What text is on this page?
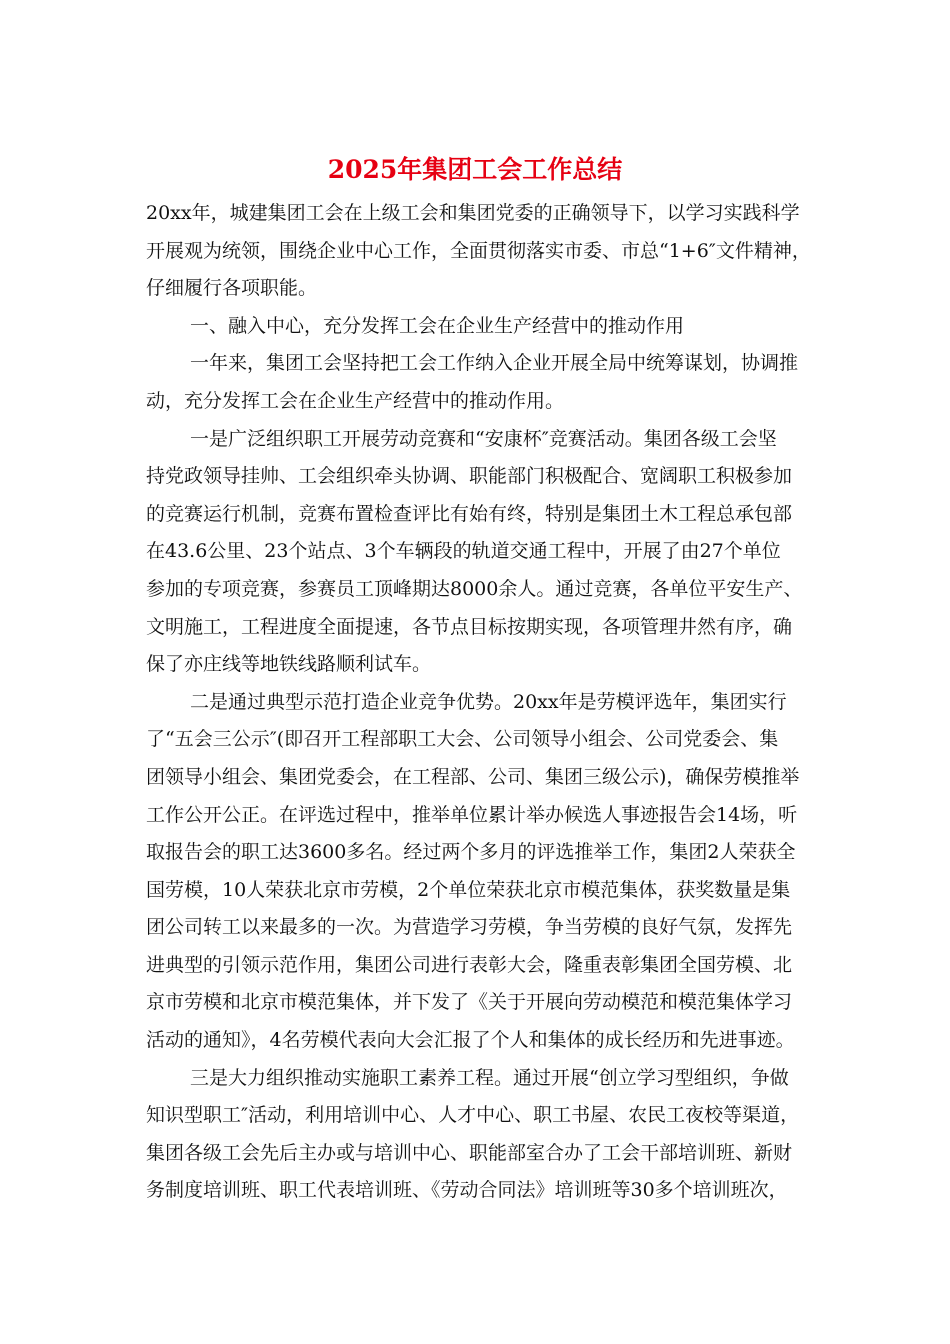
2025年集团工会工作总结
20xx年，城建集团工会在上级工会和集团党委的正确领导下，以学习实践科学
开展观为统领，围绕企业中心工作，全面贯彻落实市委、市总“1+6″文件精神，
仔细履行各项职能。
一、融入中心，充分发挥工会在企业生产经营中的推动作用
一年来，集团工会坚持把工会工作纳入企业开展全局中统筹谋划，协调推
动，充分发挥工会在企业生产经营中的推动作用。
一是广泛组织职工开展劳动竞赛和“安康杯″竞赛活动。集团各级工会坚
持党政领导挂帅、工会组织牵头协调、职能部门积极配合、宽阔职工积极参加
的竞赛运行机制，竞赛布置检查评比有始有终，特别是集团土木工程总承包部
在43.6公里、23个站点、3个车辆段的轨道交通工程中，开展了由27个单位
参加的专项竞赛，参赛员工顶峰期达8000余人。通过竞赛，各单位平安生产、
文明施工，工程进度全面提速，各节点目标按期实现，各项管理井然有序，确
保了亦庄线等地铁线路顺利试车。
二是通过典型示范打造企业竞争优势。20xx年是劳模评选年，集团实行
了“五会三公示″(即召开工程部职工大会、公司领导小组会、公司党委会、集
团领导小组会、集团党委会，在工程部、公司、集团三级公示)，确保劳模推举
工作公开公正。在评选过程中，推举单位累计举办候选人事迹报告会14场，听
取报告会的职工达3600多名。经过两个多月的评选推举工作，集团2人荣获全
国劳模，10人荣获北京市劳模，2个单位荣获北京市模范集体，获奖数量是集
团公司转工以来最多的一次。为营造学习劳模，争当劳模的良好气氛，发挥先
进典型的引领示范作用，集团公司进行表彰大会，隆重表彰集团全国劳模、北
京市劳模和北京市模范集体，并下发了《关于开展向劳动模范和模范集体学习
活动的通知》，4名劳模代表向大会汇报了个人和集体的成长经历和先进事迹。
三是大力组织推动实施职工素养工程。通过开展“创立学习型组织，争做
知识型职工″活动，利用培训中心、人才中心、职工书屋、农民工夜校等渠道，
集团各级工会先后主办或与培训中心、职能部室合办了工会干部培训班、新财
务制度培训班、职工代表培训班、《劳动合同法》培训班等30多个培训班次，
